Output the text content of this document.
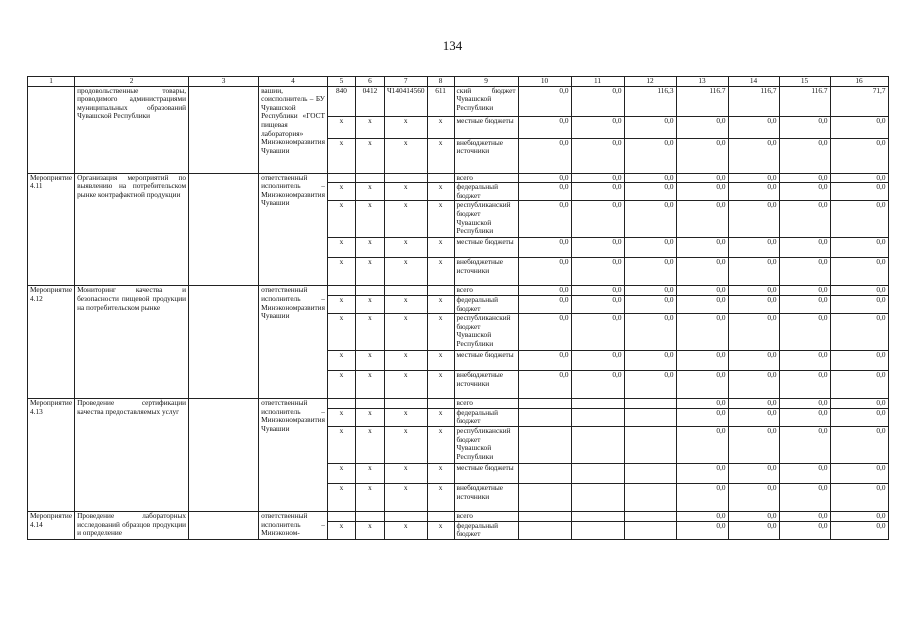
134
1	2	3	4	5	6	7	8	9	10	11	12	13	14	15	16
	продовольственные товары, проводимого администрациями муниципальных образований Чувашской Республики		вашии, соисполнитель – БУ Чувашской Республики «ГОСТ пищевая лаборатория» Минэкономразвития Чувашии	840	0412	Ч140414560	611	ский бюджет Чувашской Республики	0,0	0,0	116,3	116.7	116,7	116.7	71,7
				х	х	х	х	местные бюджеты	0,0	0,0	0,0	0,0	0,0	0,0	0,0
				х	х	х	х	внебюджетные источники	0,0	0,0	0,0	0,0	0,0	0,0	0,0
Мероприятие 4.11	Организация мероприятий по выявлению на потребительском рынке контрафактной продукции		ответственный исполнитель – Минэкономразвития Чувашии					всего	0,0	0,0	0,0	0,0	0,0	0,0	0,0
				х	х	х	х	федеральный бюджет	0,0	0,0	0,0	0,0	0,0	0,0	0,0
				х	х	х	х	республиканский бюджет Чувашской Республики	0,0	0,0	0,0	0,0	0,0	0,0	0,0
				х	х	х	х	местные бюджеты	0,0	0,0	0,0	0,0	0,0	0,0	0,0
				х	х	х	х	внебюджетные источники	0,0	0,0	0,0	0,0	0,0	0,0	0,0
Мероприятие 4.12	Мониторинг качества и безопасности пищевой продукции на потребительском рынке		ответственный исполнитель – Минэкономразвития Чувашии					всего	0,0	0,0	0,0	0,0	0,0	0,0	0,0
				х	х	х	х	федеральный бюджет	0,0	0,0	0,0	0,0	0,0	0,0	0,0
				х	х	х	х	республиканский бюджет Чувашской Республики	0,0	0,0	0,0	0,0	0,0	0,0	0,0
				х	х	х	х	местные бюджеты	0,0	0,0	0,0	0,0	0,0	0,0	0,0
				х	х	х	х	внебюджетные источники	0,0	0,0	0,0	0,0	0,0	0,0	0,0
Мероприятие 4.13	Проведение сертификации качества предоставляемых услуг		ответственный исполнитель – Минэкономразвития Чувашии					всего				0,0	0,0	0,0	0,0
				х	х	х	х	федеральный бюджет				0,0	0,0	0,0	0,0
				х	х	х	х	республиканский бюджет Чувашской Республики				0,0	0,0	0,0	0,0
				х	х	х	х	местные бюджеты				0,0	0,0	0,0	0,0
				х	х	х	х	внебюджетные источники				0,0	0,0	0,0	0,0
Мероприятие 4.14	Проведение лабораторных исследований образцов продукции и определение		ответственный исполнитель – Минэконом-					всего				0,0	0,0	0,0	0,0
				х	х	х	х	федеральный бюджет				0,0	0,0	0,0	0,0
